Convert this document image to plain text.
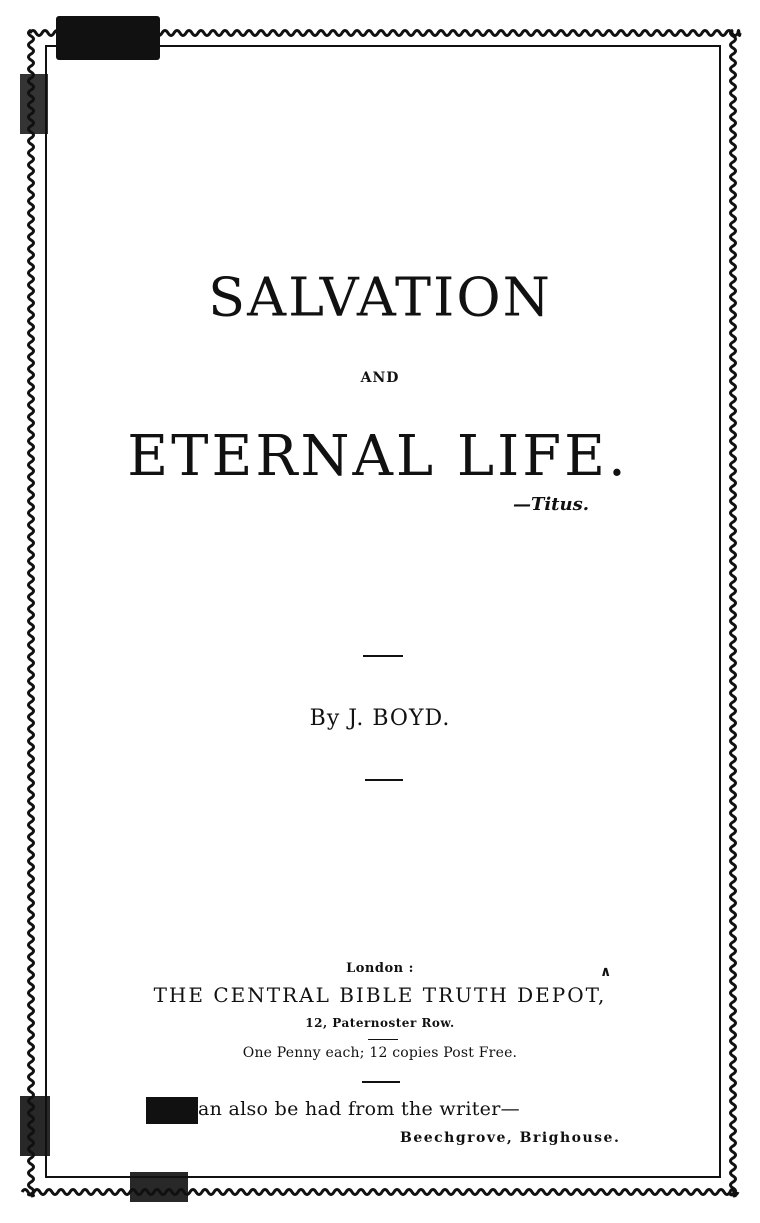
SALVATION
AND
ETERNAL LIFE.
—Titus.
By J. BOYD.
London :	∧
THE CENTRAL BIBLE TRUTH DEPOT,
12, Paternoster Row.
One Penny each; 12 copies Post Free.
an also be had from the writer—
Beechgrove, Brighouse.
